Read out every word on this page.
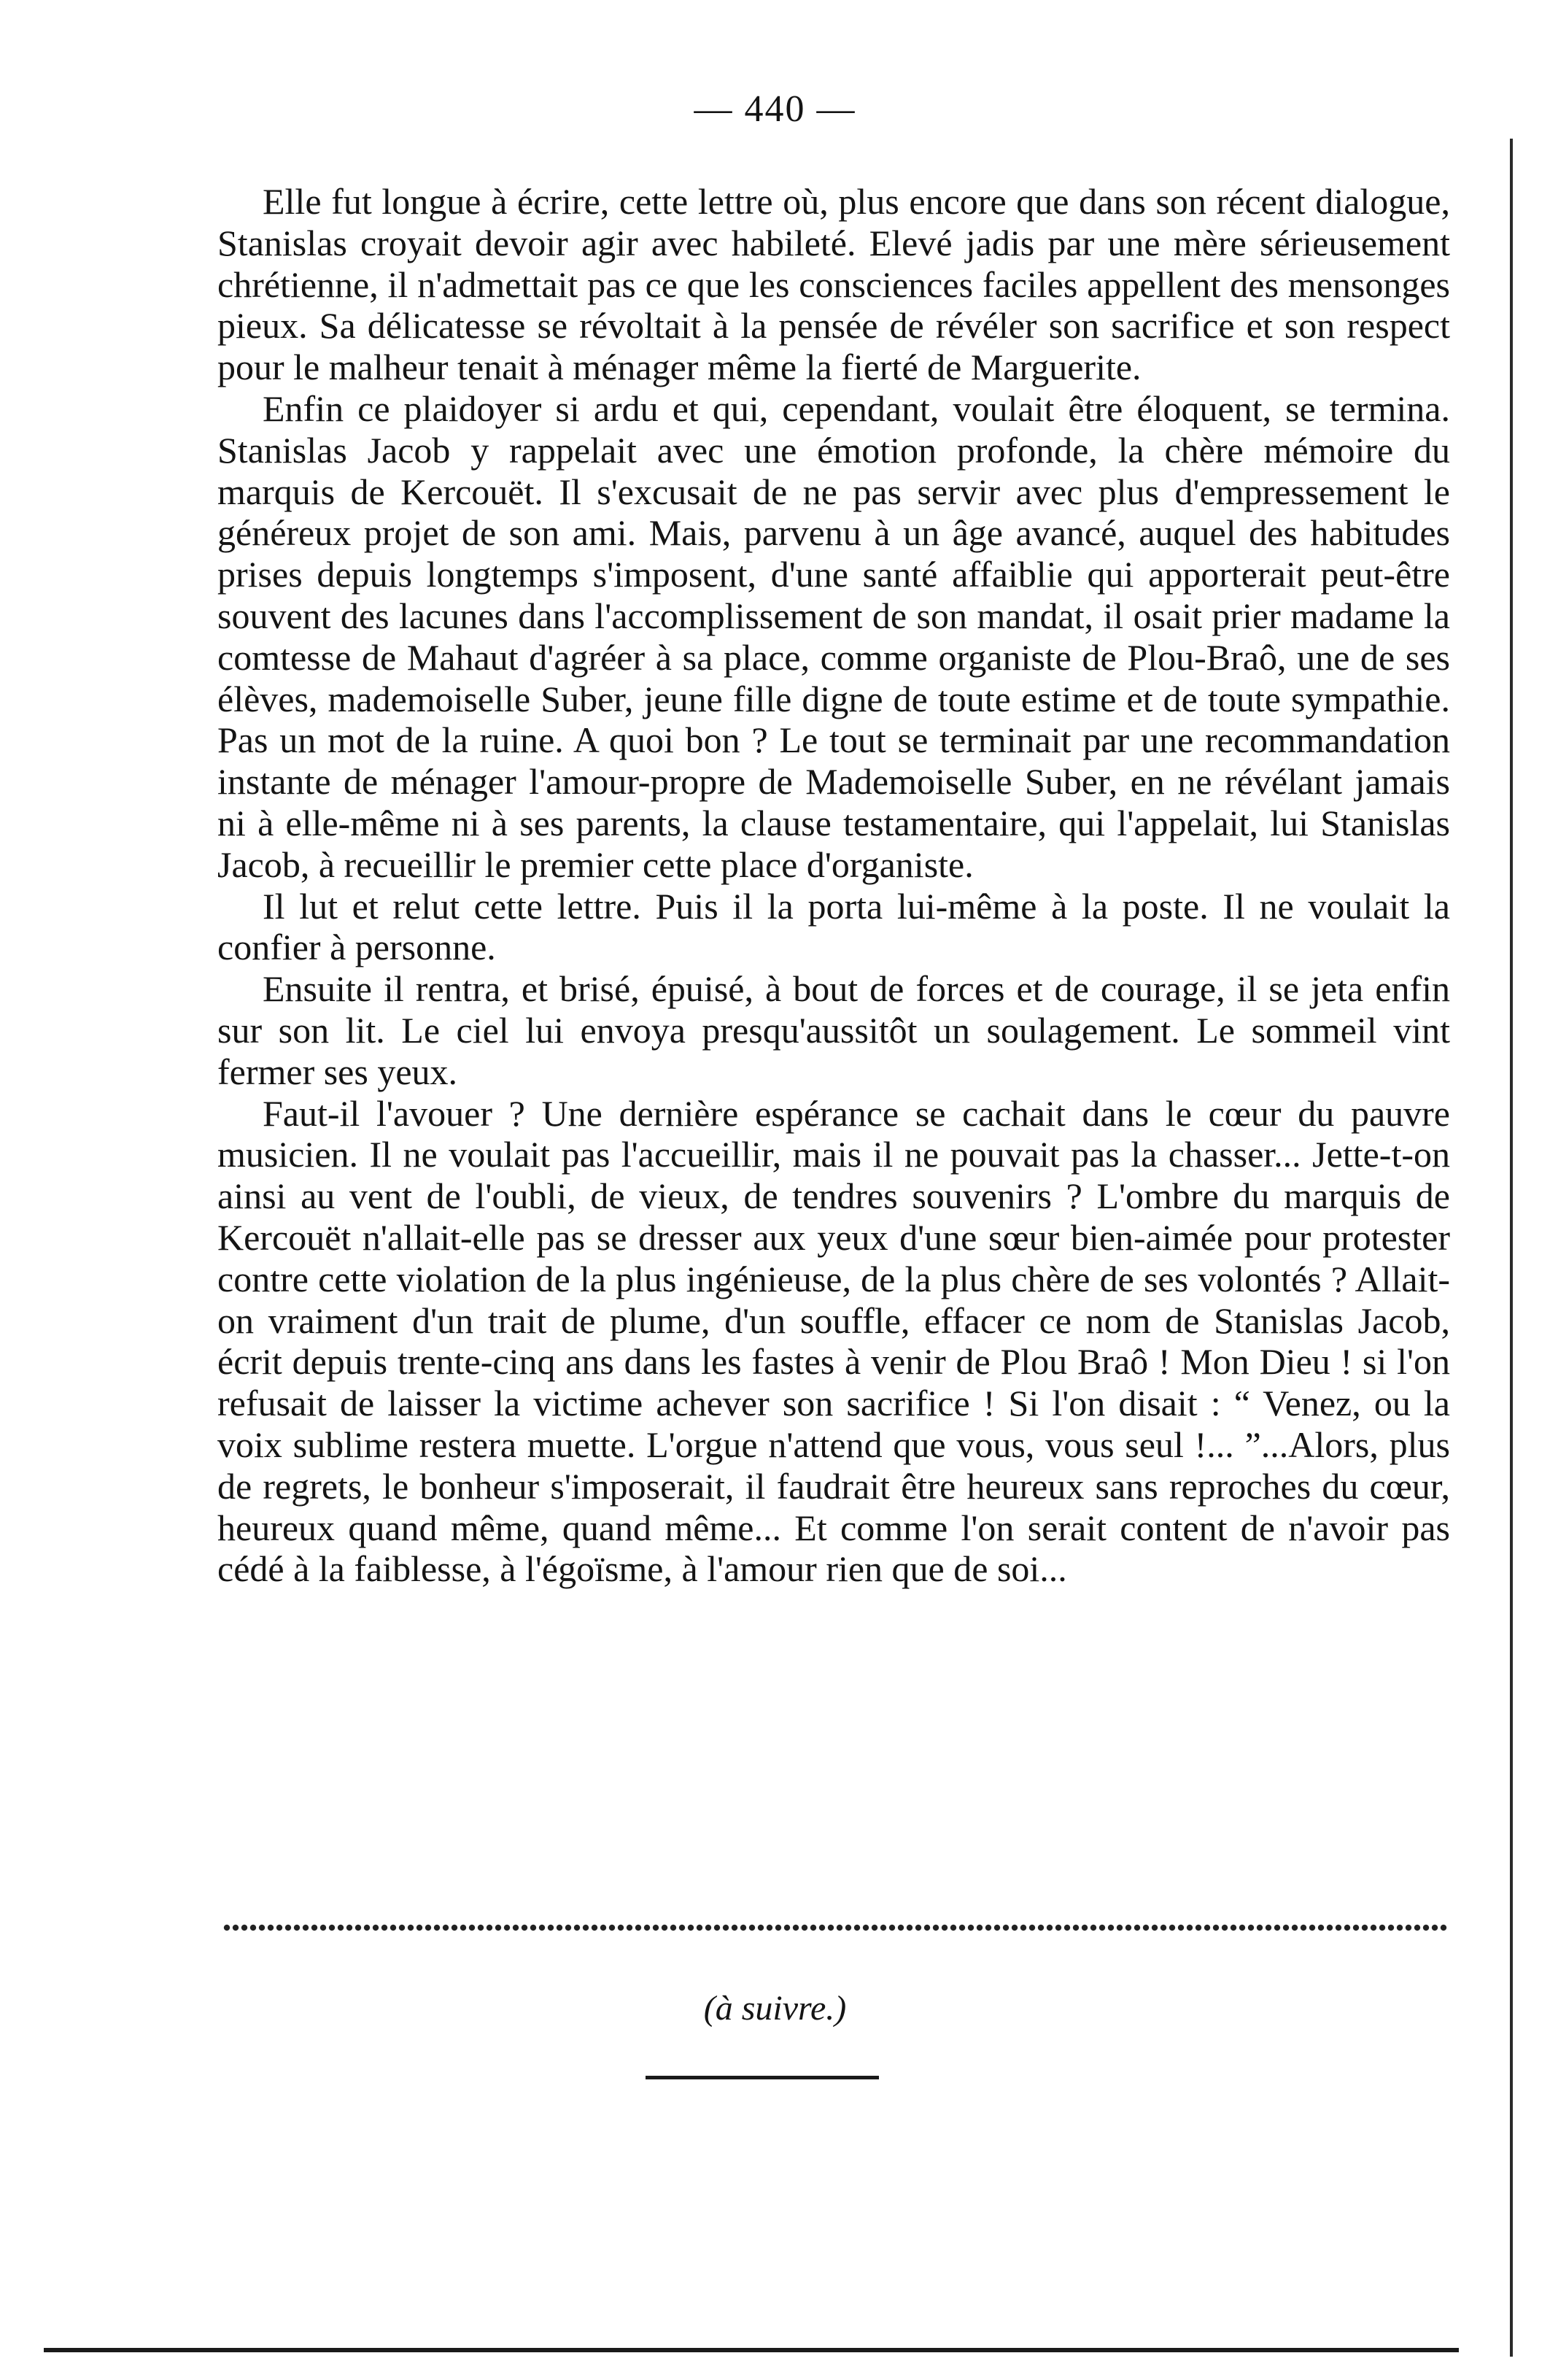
— 440 —

Elle fut longue à écrire, cette lettre où, plus encore que dans son récent dialogue, Stanislas croyait devoir agir avec habileté. Elevé jadis par une mère sérieusement chrétienne, il n'admettait pas ce que les consciences faciles appellent des mensonges pieux. Sa délicatesse se révoltait à la pensée de révéler son sacrifice et son respect pour le malheur tenait à ménager même la fierté de Marguerite.

Enfin ce plaidoyer si ardu et qui, cependant, voulait être éloquent, se termina. Stanislas Jacob y rappelait avec une émotion profonde, la chère mémoire du marquis de Kercouët. Il s'excusait de ne pas servir avec plus d'empressement le généreux projet de son ami. Mais, parvenu à un âge avancé, auquel des habitudes prises depuis longtemps s'imposent, d'une santé affaiblie qui apporterait peut-être souvent des lacunes dans l'accomplissement de son mandat, il osait prier madame la comtesse de Mahaut d'agréer à sa place, comme organiste de Plou-Braô, une de ses élèves, mademoiselle Suber, jeune fille digne de toute estime et de toute sympathie. Pas un mot de la ruine. A quoi bon ? Le tout se terminait par une recommandation instante de ménager l'amour-propre de Mademoiselle Suber, en ne révélant jamais ni à elle-même ni à ses parents, la clause testamentaire, qui l'appelait, lui Stanislas Jacob, à recueillir le premier cette place d'organiste.

Il lut et relut cette lettre. Puis il la porta lui-même à la poste. Il ne voulait la confier à personne.

Ensuite il rentra, et brisé, épuisé, à bout de forces et de courage, il se jeta enfin sur son lit. Le ciel lui envoya presqu'aussitôt un soulagement. Le sommeil vint fermer ses yeux.

Faut-il l'avouer ? Une dernière espérance se cachait dans le cœur du pauvre musicien. Il ne voulait pas l'accueillir, mais il ne pouvait pas la chasser... Jette-t-on ainsi au vent de l'oubli, de vieux, de tendres souvenirs ? L'ombre du marquis de Kercouët n'allait-elle pas se dresser aux yeux d'une sœur bien-aimée pour protester contre cette violation de la plus ingénieuse, de la plus chère de ses volontés ? Allait-on vraiment d'un trait de plume, d'un souffle, effacer ce nom de Stanislas Jacob, écrit depuis trente-cinq ans dans les fastes à venir de Plou Braô ! Mon Dieu ! si l'on refusait de laisser la victime achever son sacrifice ! Si l'on disait : “ Venez, ou la voix sublime restera muette. L'orgue n'attend que vous, vous seul !... ”...Alors, plus de regrets, le bonheur s'imposerait, il faudrait être heureux sans reproches du cœur, heureux quand même, quand même... Et comme l'on serait content de n'avoir pas cédé à la faiblesse, à l'égoïsme, à l'amour rien que de soi...

(à suivre.)
